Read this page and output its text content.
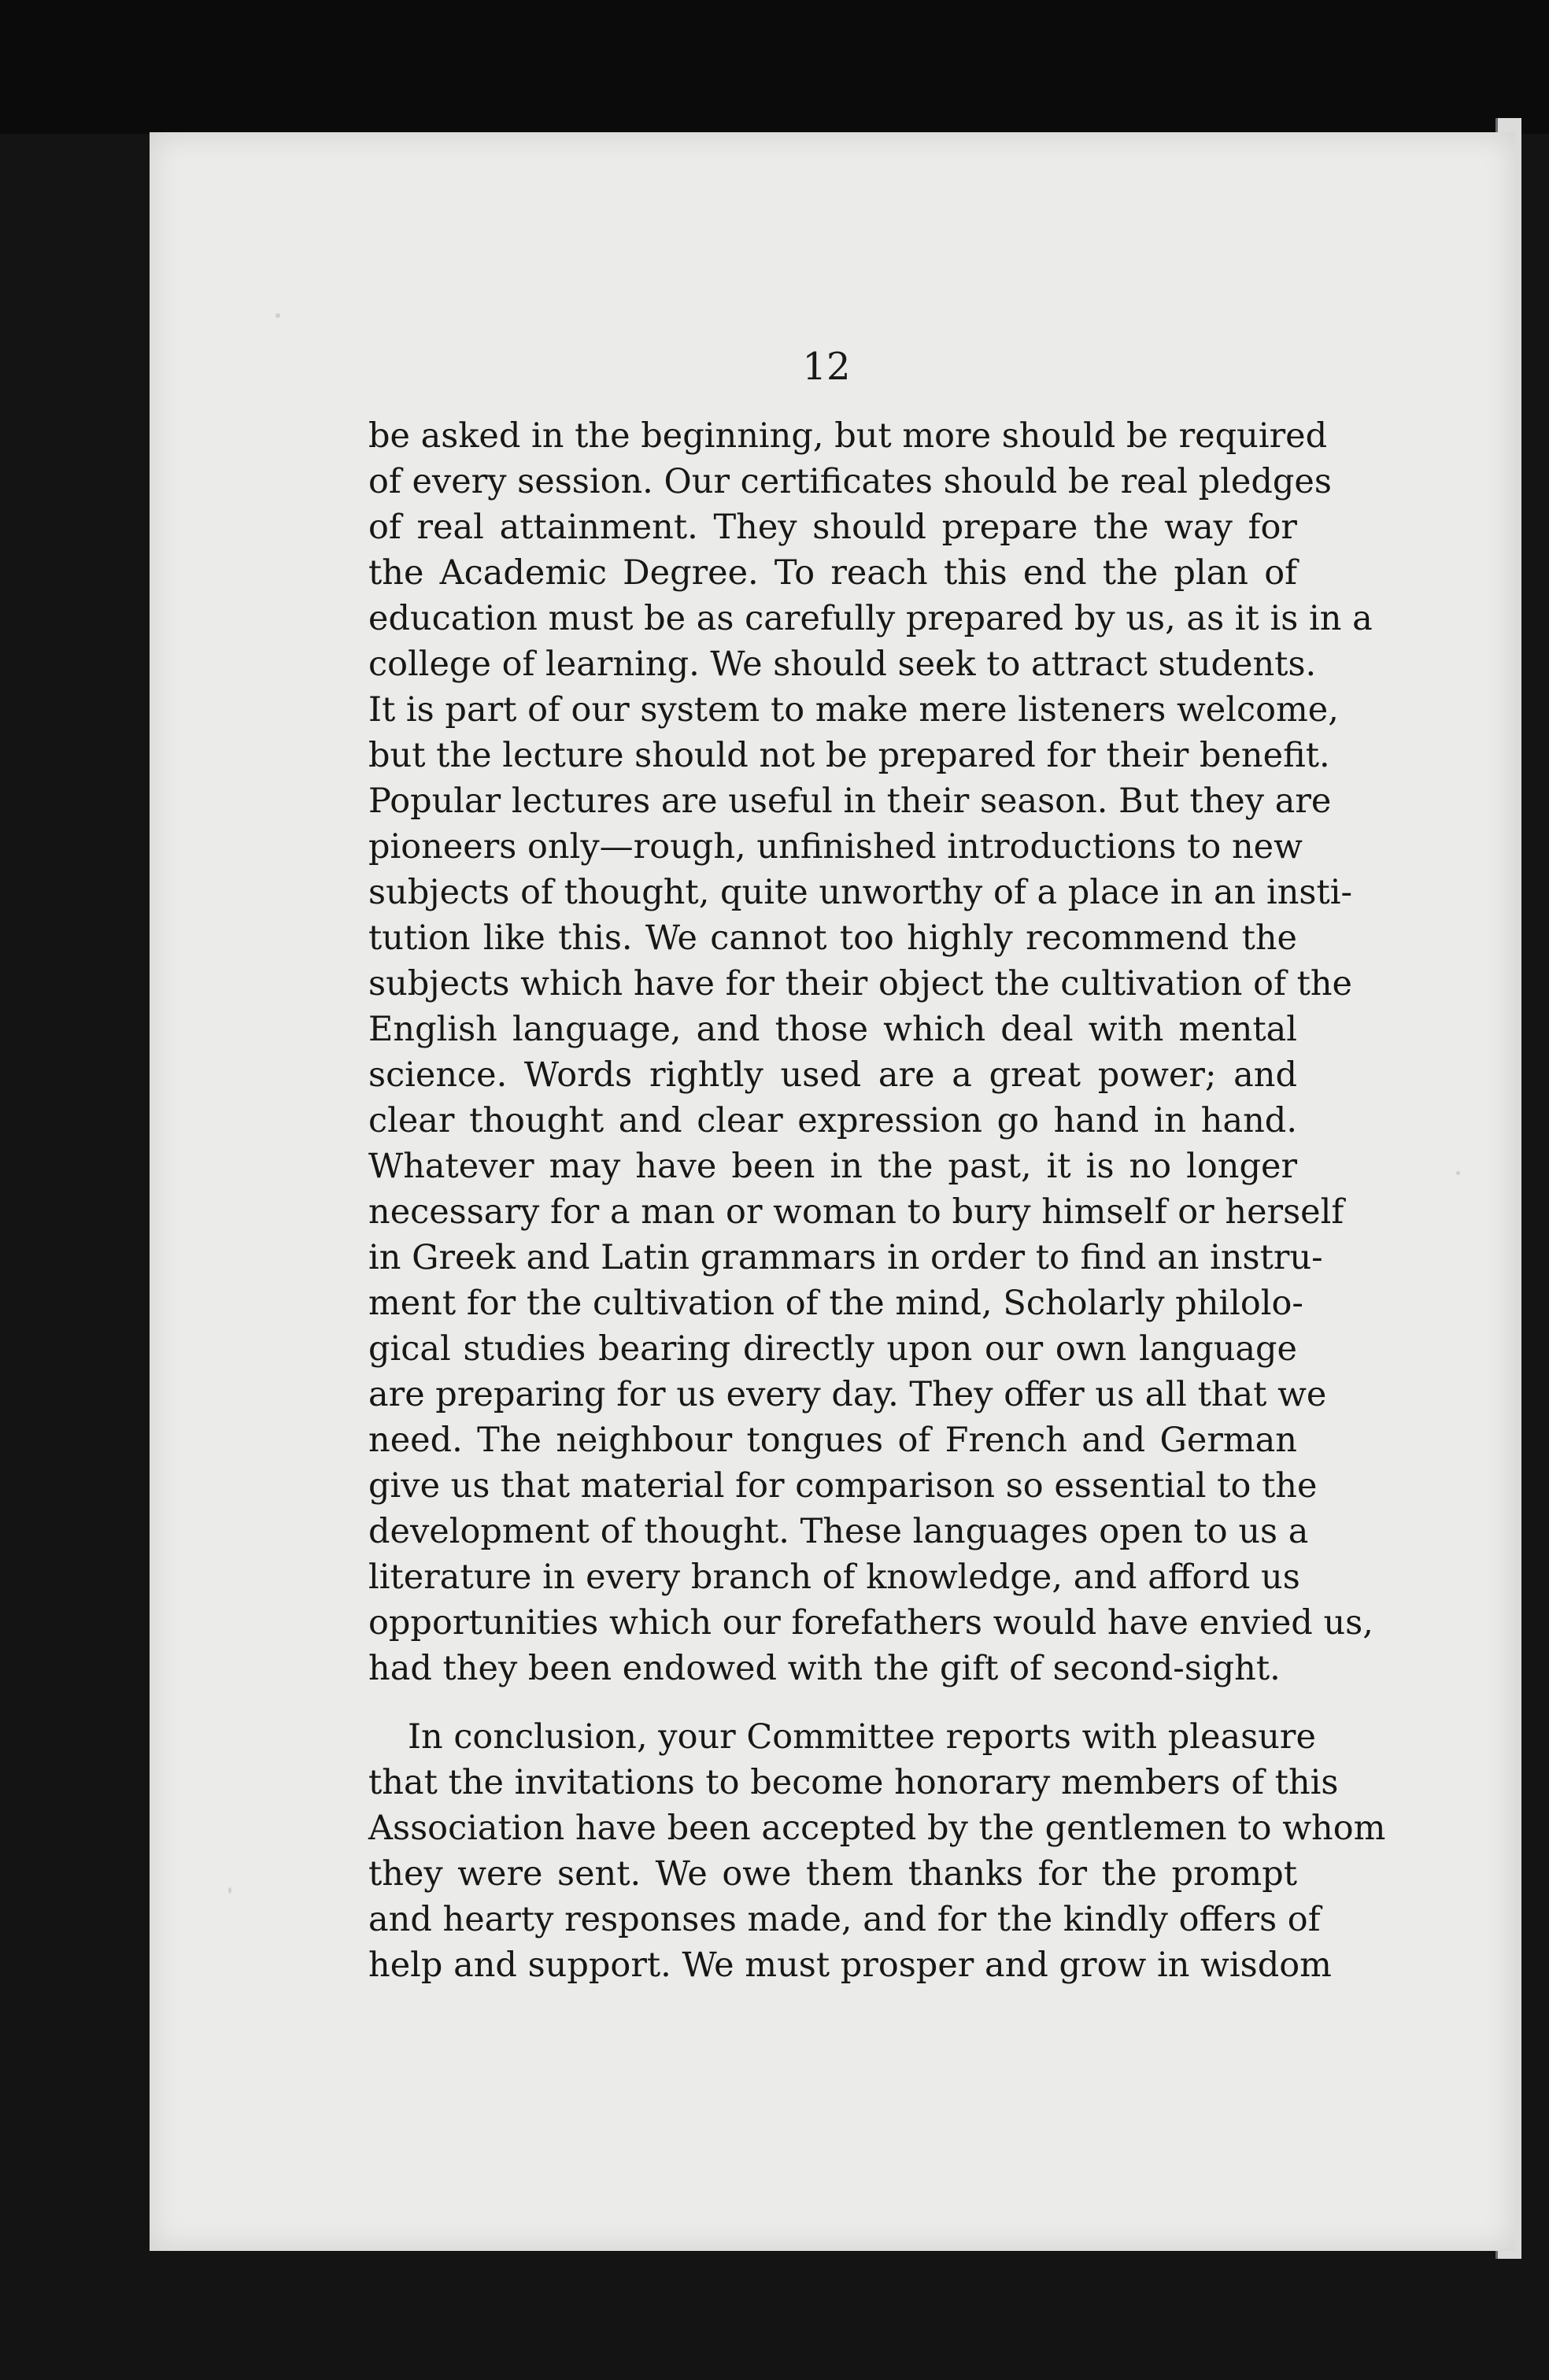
12
be asked in the beginning, but more should be required
of every session. Our certificates should be real pledges
of real attainment. They should prepare the way for
the Academic Degree. To reach this end the plan of
education must be as carefully prepared by us, as it is in a
college of learning. We should seek to attract students.
It is part of our system to make mere listeners welcome,
but the lecture should not be prepared for their benefit.
Popular lectures are useful in their season. But they are
pioneers only—rough, unfinished introductions to new
subjects of thought, quite unworthy of a place in an insti-
tution like this. We cannot too highly recommend the
subjects which have for their object the cultivation of the
English language, and those which deal with mental
science. Words rightly used are a great power; and
clear thought and clear expression go hand in hand.
Whatever may have been in the past, it is no longer
necessary for a man or woman to bury himself or herself
in Greek and Latin grammars in order to find an instru-
ment for the cultivation of the mind, Scholarly philolo-
gical studies bearing directly upon our own language
are preparing for us every day. They offer us all that we
need. The neighbour tongues of French and German
give us that material for comparison so essential to the
development of thought. These languages open to us a
literature in every branch of knowledge, and afford us
opportunities which our forefathers would have envied us,
had they been endowed with the gift of second-sight.
In conclusion, your Committee reports with pleasure
that the invitations to become honorary members of this
Association have been accepted by the gentlemen to whom
they were sent. We owe them thanks for the prompt
and hearty responses made, and for the kindly offers of
help and support. We must prosper and grow in wisdom
